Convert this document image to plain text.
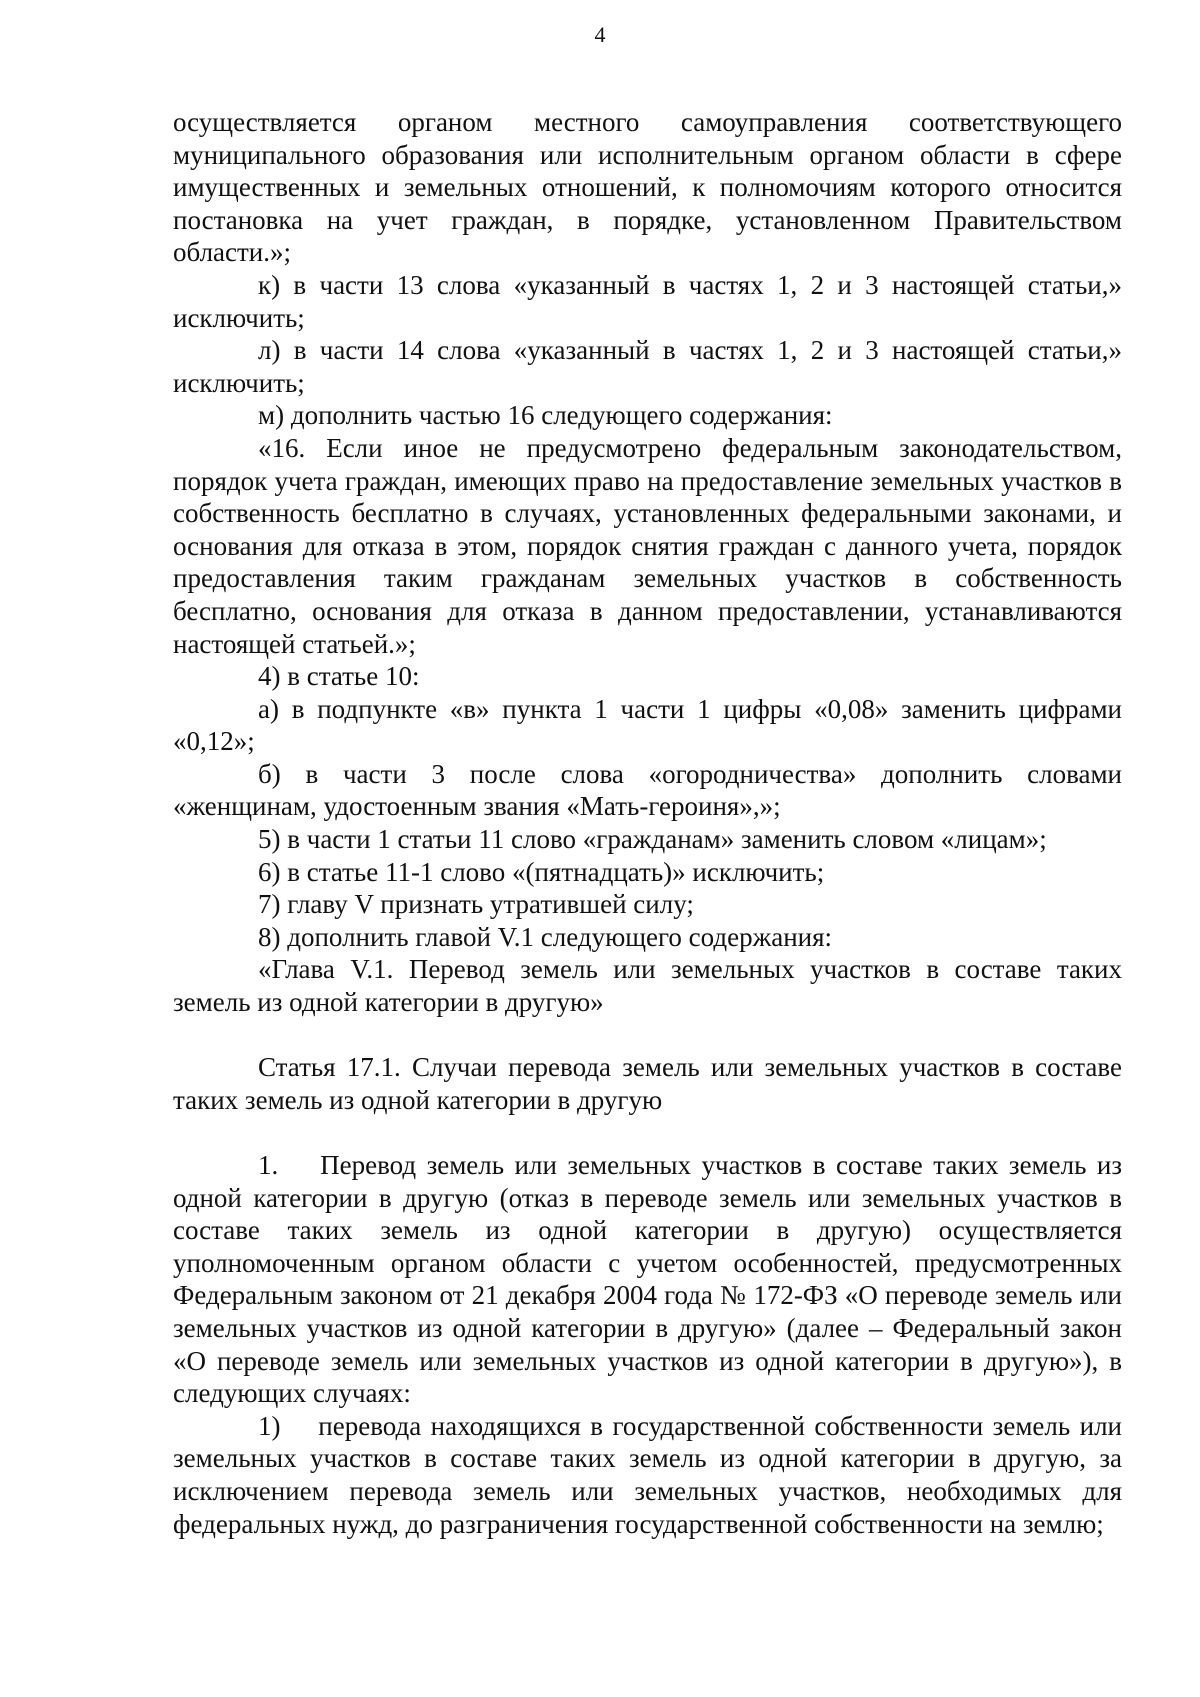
4

осуществляется органом местного самоуправления соответствующего муниципального образования или исполнительным органом области в сфере имущественных и земельных отношений, к полномочиям которого относится постановка на учет граждан, в порядке, установленном Правительством области.»;

к) в части 13 слова «указанный в частях 1, 2 и 3 настоящей статьи,» исключить;

л) в части 14 слова «указанный в частях 1, 2 и 3 настоящей статьи,» исключить;

м) дополнить частью 16 следующего содержания:

«16. Если иное не предусмотрено федеральным законодательством, порядок учета граждан, имеющих право на предоставление земельных участков в собственность бесплатно в случаях, установленных федеральными законами, и основания для отказа в этом, порядок снятия граждан с данного учета, порядок предоставления таким гражданам земельных участков в собственность бесплатно, основания для отказа в данном предоставлении, устанавливаются настоящей статьей.»;

4) в статье 10:

а) в подпункте «в» пункта 1 части 1 цифры «0,08» заменить цифрами «0,12»;

б) в части 3 после слова «огородничества» дополнить словами «женщинам, удостоенным звания «Мать-героиня»,»;

5) в части 1 статьи 11 слово «гражданам» заменить словом «лицам»;

6) в статье 11-1 слово «(пятнадцать)» исключить;

7) главу V признать утратившей силу;

8) дополнить главой V.1 следующего содержания:

«Глава V.1. Перевод земель или земельных участков в составе таких земель из одной категории в другую»

Статья 17.1. Случаи перевода земель или земельных участков в составе таких земель из одной категории в другую

1.    Перевод земель или земельных участков в составе таких земель из одной категории в другую (отказ в переводе земель или земельных участков в составе таких земель из одной категории в другую) осуществляется уполномоченным органом области с учетом особенностей, предусмотренных Федеральным законом от 21 декабря 2004 года № 172-ФЗ «О переводе земель или земельных участков из одной категории в другую» (далее – Федеральный закон «О переводе земель или земельных участков из одной категории в другую»), в следующих случаях:

1)    перевода находящихся в государственной собственности земель или земельных участков в составе таких земель из одной категории в другую, за исключением перевода земель или земельных участков, необходимых для федеральных нужд, до разграничения государственной собственности на землю;
